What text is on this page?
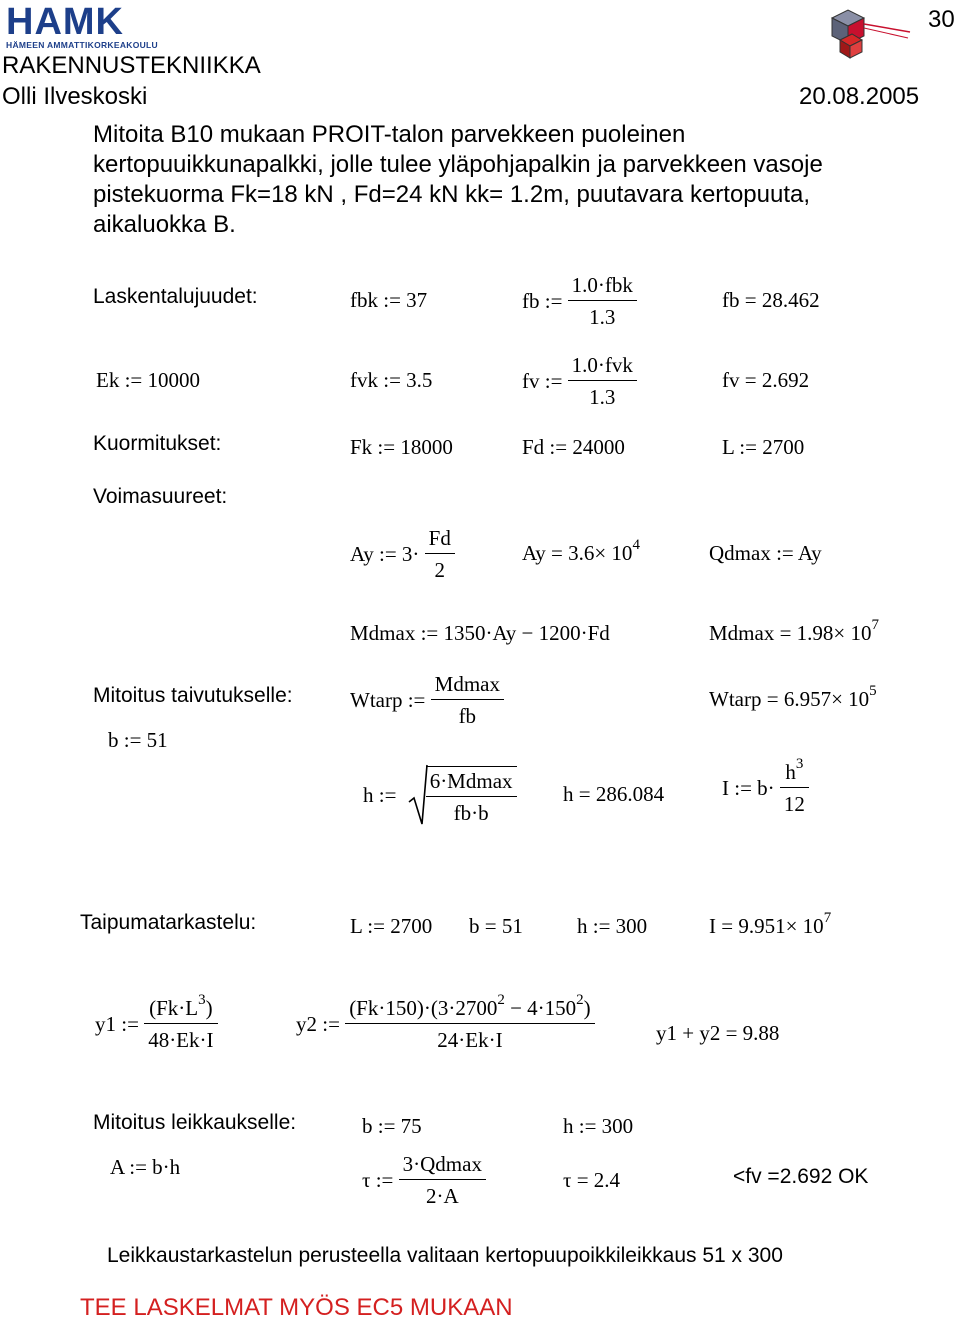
HAMK
HÄMEEN AMMATTIKORKEAKOULU
30
RAKENNUSTEKNIIKKA
Olli Ilveskoski	20.08.2005
Mitoita B10 mukaan PROIT-talon parvekkeen puoleinen
kertopuuikkunapalkki, jolle tulee yläpohjapalkin ja parvekkeen vasoje
pistekuorma Fk=18 kN , Fd=24 kN kk= 1.2m, puutavara kertopuuta,
aikaluokka B.
Laskentalujuudet:	fbk := 37	fb := $\frac{\text{1.0·fbk}}{1.3}$	fb = 28.462
Ek := 10000	fvk := 3.5	fv := $\frac{\text{1.0·fvk}}{1.3}$	fv = 2.692
Kuormitukset:	Fk := 18000	Fd := 24000	L := 2700
Voimasuureet:
Ay := $3\cdot \frac{Fd}{2}$	$Ay = 3.6\times 10^4$	Qdmax := Ay
Mdmax := 1350·Ay − 1200·Fd	$Mdmax = 1.98\times 10^7$
Mitoitus taivutukselle:
b := 51
Wtarp := $\frac{Mdmax}{fb}$	Wtarp = $6.957\times 10^5$
h := $\frac{6\cdot Mdmax}{fb\cdot b}$ h = 286.084	I := $b\cdot \frac{h^3}{12}$
Taipumatarkastelu:	L := 2700 b = 51	h := 300	$I = 9.951\times 10^7$
y1 := $\frac{(Fk\cdot L^3)}{48\cdot Ek\cdot I}$	y2 := $\frac{(Fk\cdot 150)\cdot(3\cdot 2700^2 - 4\cdot 150^2)}{24\cdot Ek\cdot I}$	y1 + y2 = 9.88
Mitoitus leikkaukselle:	b := 75	h := 300
A := b·h
τ := $\frac{3\cdot Qdmax}{2\cdot A}$	τ = 2.4	<fv =2.692 OK
Leikkaustarkastelun perusteella valitaan kertopuupoikkileikkaus 51 x 300
TEE LASKELMAT MYÖS EC5 MUKAAN
